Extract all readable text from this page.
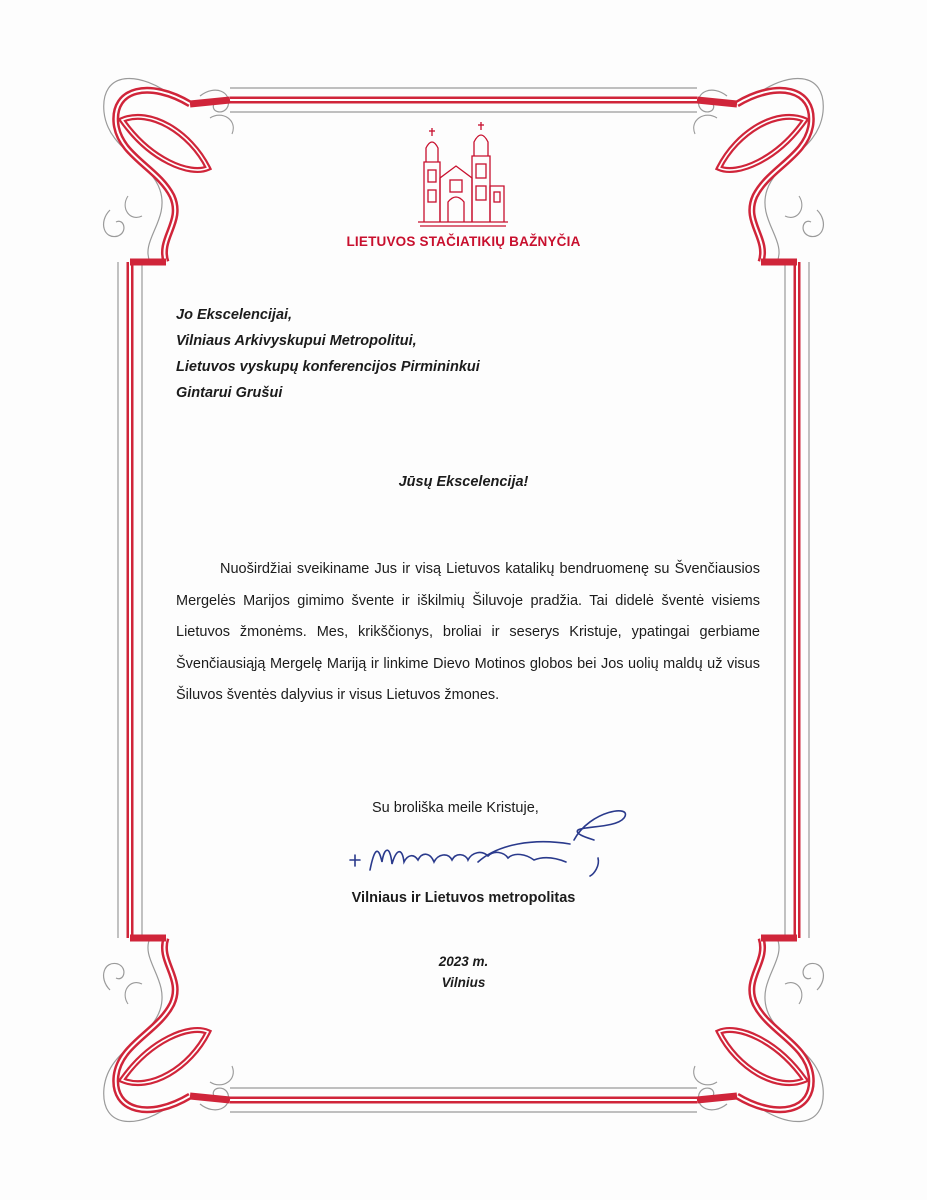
LIETUVOS STAČIATIKIŲ BAŽNYČIA
Jo Ekscelencijai,
Vilniaus Arkivyskupui Metropolitui,
Lietuvos vyskupų konferencijos Pirmininkui
Gintarui Grušui
Jūsų Ekscelencija!
Nuoširdžiai sveikiname Jus ir visą Lietuvos katalikų bendruomenę su Švenčiausios Mergelės Marijos gimimo švente ir iškilmių Šiluvoje pradžia. Tai didelė šventė visiems Lietuvos žmonėms. Mes, krikščionys, broliai ir seserys Kristuje, ypatingai gerbiame Švenčiausiąją Mergelę Mariją ir linkime Dievo Motinos globos bei Jos uolių maldų už visus Šiluvos šventės dalyvius ir visus Lietuvos žmones.
Su broliška meile Kristuje,
Vilniaus ir Lietuvos metropolitas
2023 m.
Vilnius
